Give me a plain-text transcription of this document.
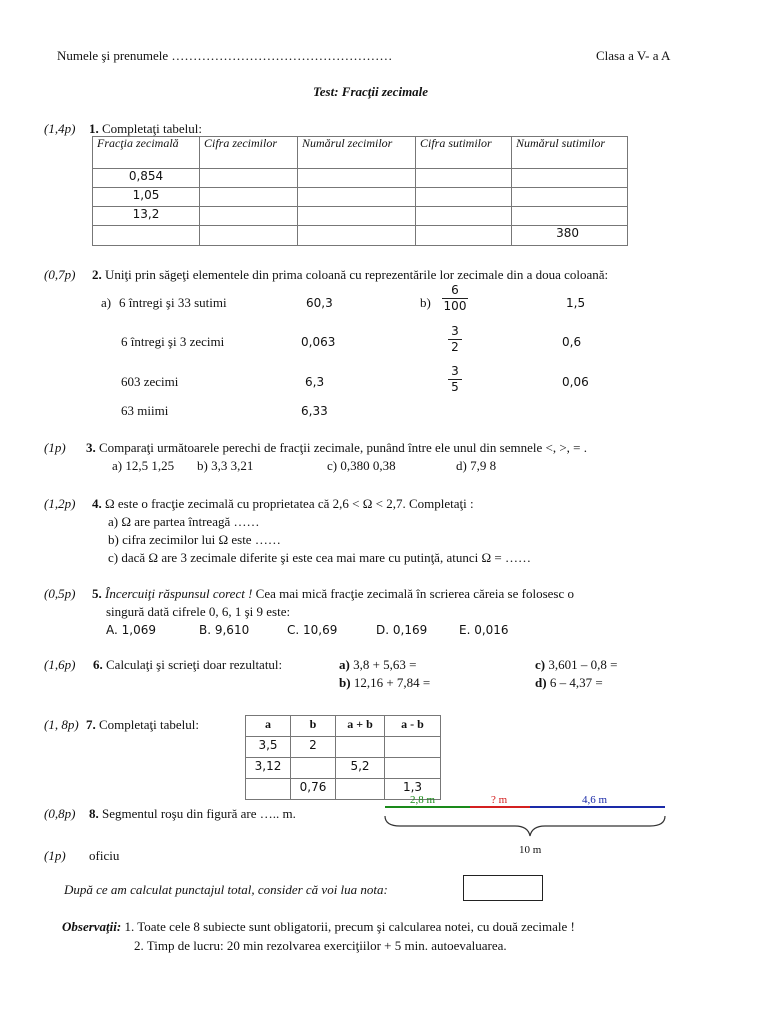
Numele şi prenumele ……………………………………………	Clasa a V- a A
Test: Fracţii zecimale
(1,4p) 1. Completaţi tabelul:
Fracţia zecimală	Cifra zecimilor	Numărul zecimilor	Cifra sutimilor	Numărul sutimilor
0,854				
1,05				
13,2				
				380
(0,7p) 2. Uniţi prin săgeţi elementele din prima coloană cu reprezentările lor zecimale din a doua coloană:
a) 6 întregi şi 33 sutimi
6 întregi şi 3 zecimi
603 zecimi
63 miimi
60,3
0,063
6,3
6,33
b)
6
100
3
2
3
5
1,5
0,6
0,06
(1p) 3. Comparaţi următoarele perechi de fracţii zecimale, punând între ele unul din semnele <, >, = .
a) 12,5 1,25 b) 3,3 3,21	c) 0,380 0,38	d) 7,9 8
(1,2p) 4. Ω este o fracţie zecimală cu proprietatea că 2,6 < Ω < 2,7. Completaţi :
a) Ω are partea întreagă ……
b) cifra zecimilor lui Ω este ……
c) dacă Ω are 3 zecimale diferite şi este cea mai mare cu putinţă, atunci Ω = ……
(0,5p) 5. Încercuiţi răspunsul corect ! Cea mai mică fracţie zecimală în scrierea căreia se folosesc o
singură dată cifrele 0, 6, 1 şi 9 este:
A. 1,069	B. 9,610	C. 10,69	D. 0,169	E. 0,016
(1,6p) 6. Calculaţi şi scrieţi doar rezultatul:	a) 3,8 + 5,63 =
b) 12,16 + 7,84 =
c) 3,601 – 0,8 =
d) 6 – 4,37 =
(1, 8p) 7. Completaţi tabelul:	a	b	a + b	a - b
3,5	2		
3,12		5,2	
	0,76		1,3
(0,8p) 8. Segmentul roşu din figură are ….. m.
2,8 m	? m	4,6 m
10 m
(1p) oficiu
După ce am calculat punctajul total, consider că voi lua nota:
Observaţii: 1. Toate cele 8 subiecte sunt obligatorii, precum şi calcularea notei, cu două zecimale !
2. Timp de lucru: 20 min rezolvarea exerciţiilor + 5 min. autoevaluarea.
